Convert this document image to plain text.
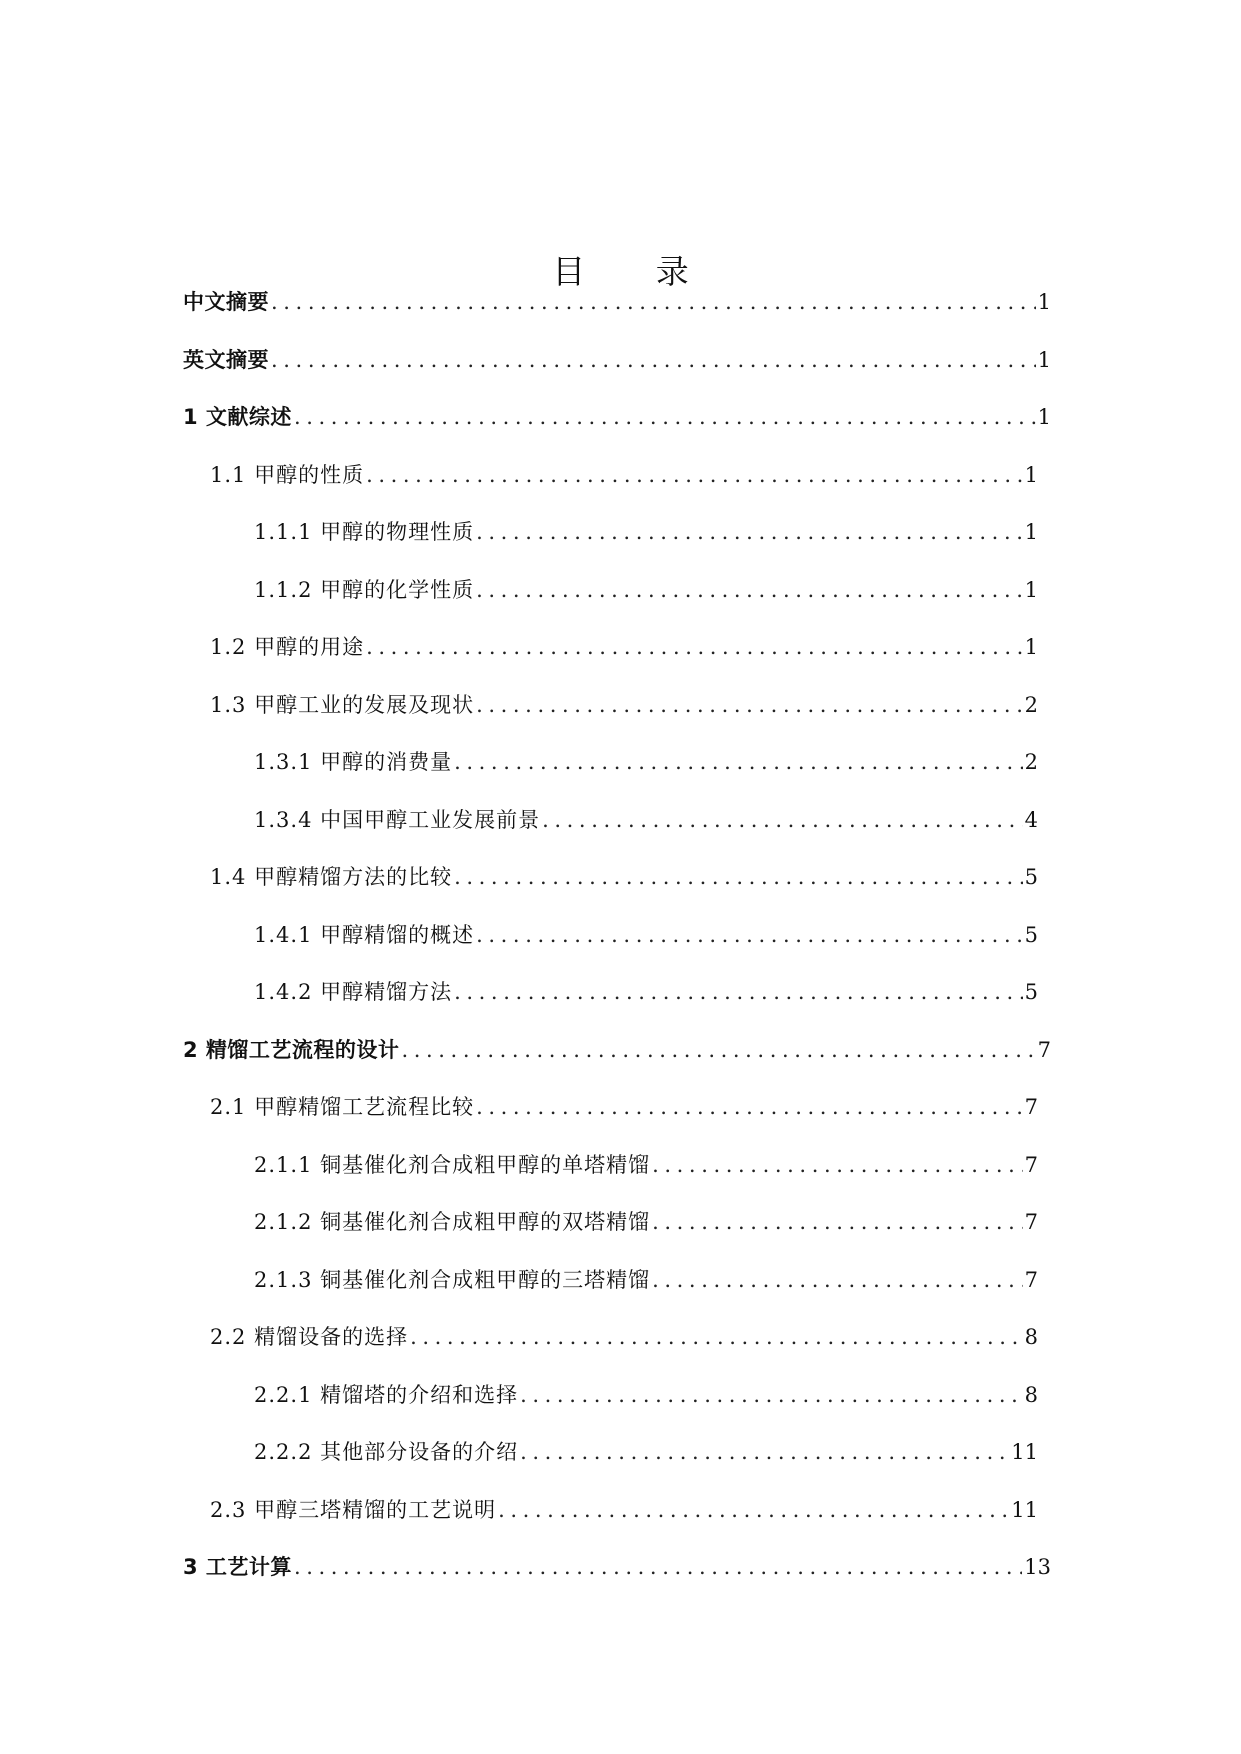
目 录
中文摘要 .....	1
英文摘要 .....	1
1 文献综述 .....	1
1.1 甲醇的性质 .....	1
1.1.1 甲醇的物理性质 .....	1
1.1.2 甲醇的化学性质 .....	1
1.2 甲醇的用途 .....	1
1.3 甲醇工业的发展及现状 .....	2
1.3.1 甲醇的消费量 .....	2
1.3.4 中国甲醇工业发展前景 .....	4
1.4 甲醇精馏方法的比较 .....	5
1.4.1 甲醇精馏的概述 .....	5
1.4.2 甲醇精馏方法 .....	5
2 精馏工艺流程的设计 .....	7
2.1 甲醇精馏工艺流程比较 .....	7
2.1.1 铜基催化剂合成粗甲醇的单塔精馏 .....	7
2.1.2 铜基催化剂合成粗甲醇的双塔精馏 .....	7
2.1.3 铜基催化剂合成粗甲醇的三塔精馏 .....	7
2.2 精馏设备的选择 .....	8
2.2.1 精馏塔的介绍和选择 .....	8
2.2.2 其他部分设备的介绍 .....	11
2.3 甲醇三塔精馏的工艺说明 .....	11
3 工艺计算 .....	13
